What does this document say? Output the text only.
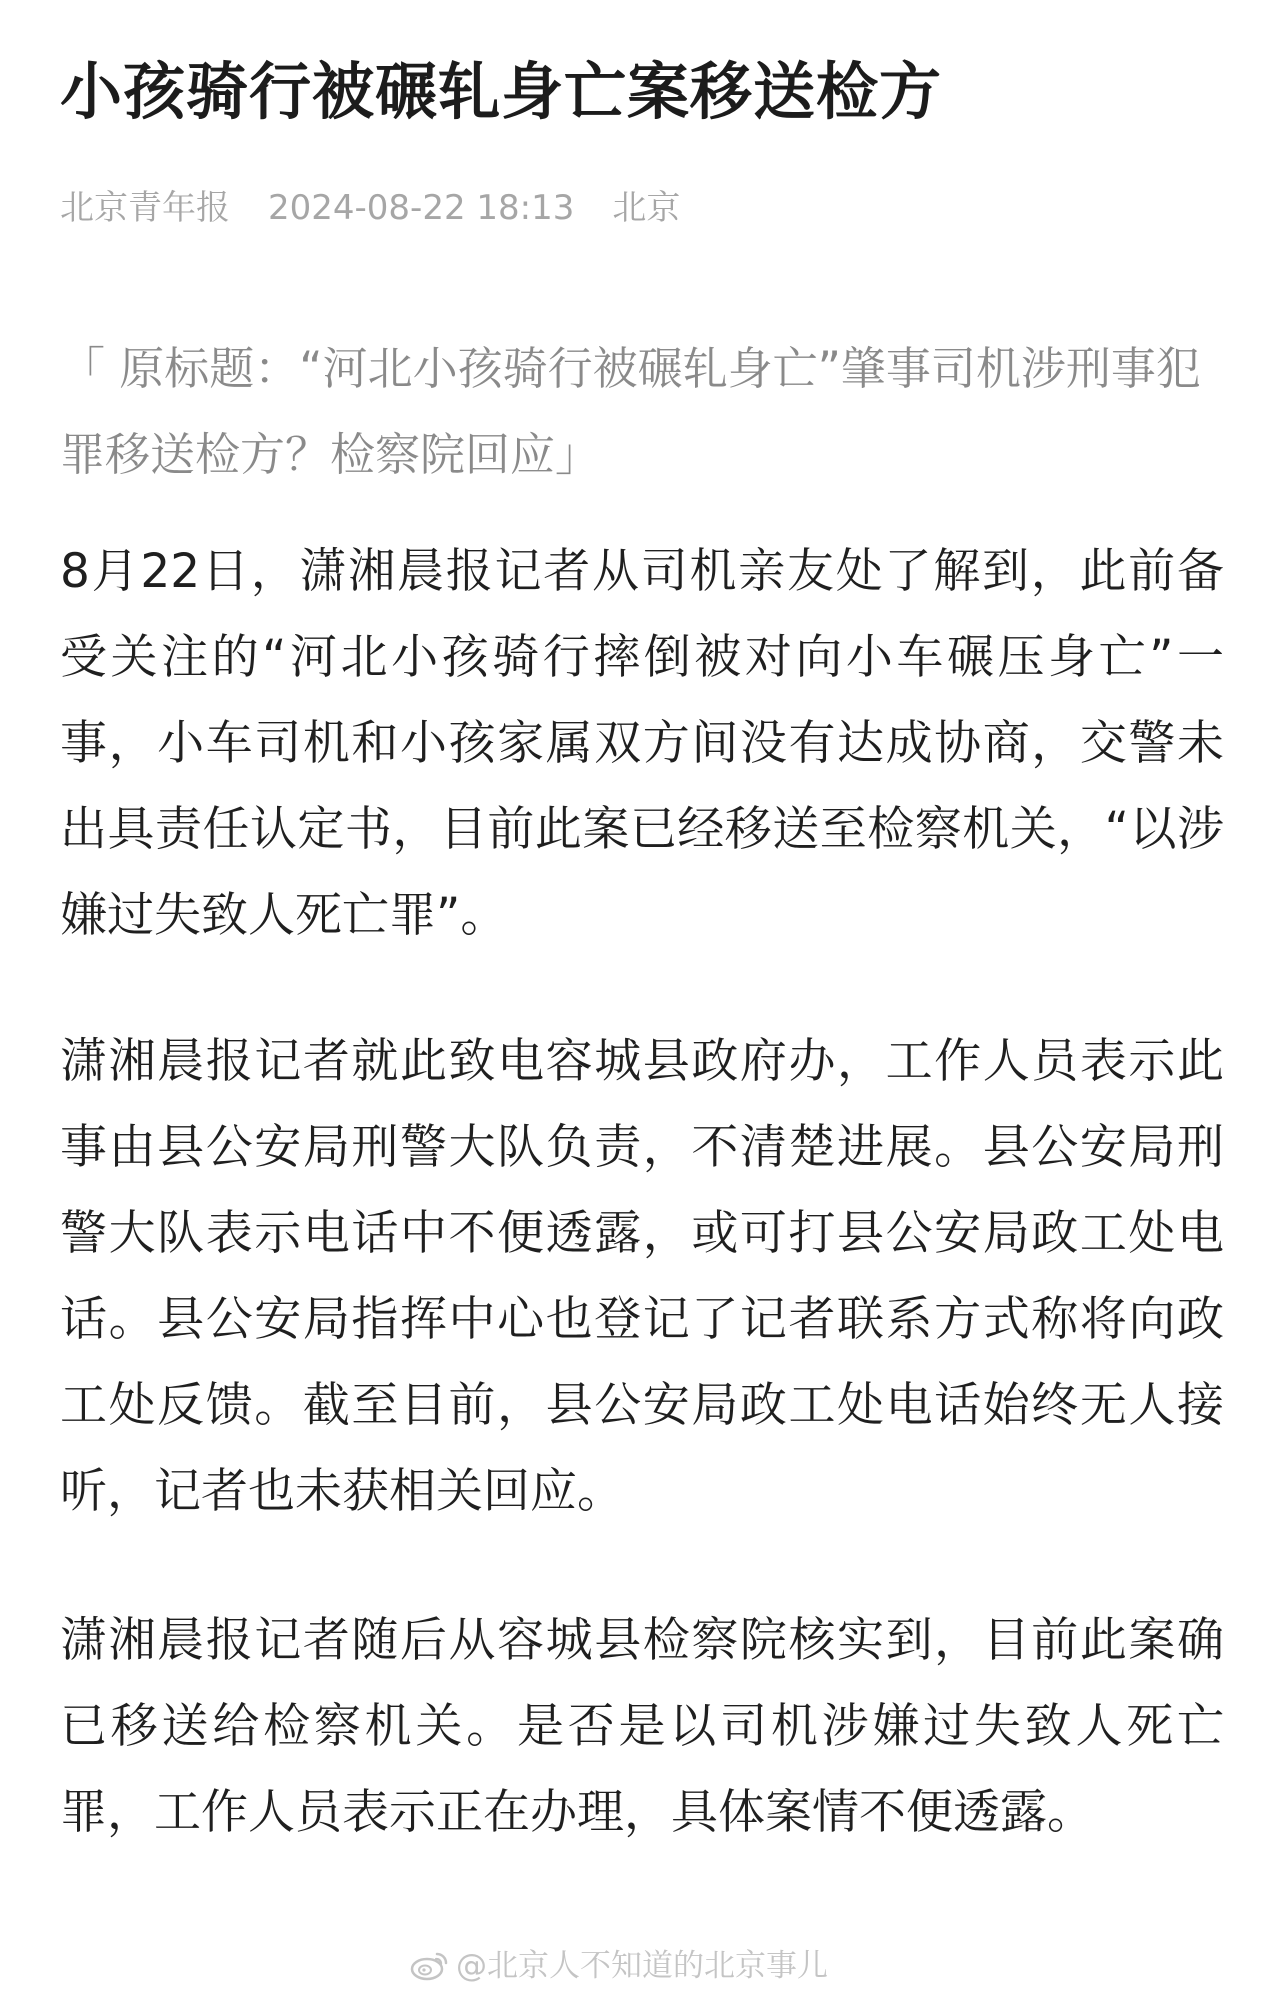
小孩骑行被碾轧身亡案移送检方
北京青年报 2024-08-22 18:13 北京

「 原标题：“河北小孩骑行被碾轧身亡”肇事司机涉刑事犯罪移送检方？检察院回应」

8月22日，潇湘晨报记者从司机亲友处了解到，此前备受关注的“河北小孩骑行摔倒被对向小车碾压身亡”一事，小车司机和小孩家属双方间没有达成协商，交警未出具责任认定书，目前此案已经移送至检察机关，“以涉嫌过失致人死亡罪”。

潇湘晨报记者就此致电容城县政府办，工作人员表示此事由县公安局刑警大队负责，不清楚进展。县公安局刑警大队表示电话中不便透露，或可打县公安局政工处电话。县公安局指挥中心也登记了记者联系方式称将向政工处反馈。截至目前，县公安局政工处电话始终无人接听，记者也未获相关回应。

潇湘晨报记者随后从容城县检察院核实到，目前此案确已移送给检察机关。是否是以司机涉嫌过失致人死亡罪，工作人员表示正在办理，具体案情不便透露。

@北京人不知道的北京事儿
